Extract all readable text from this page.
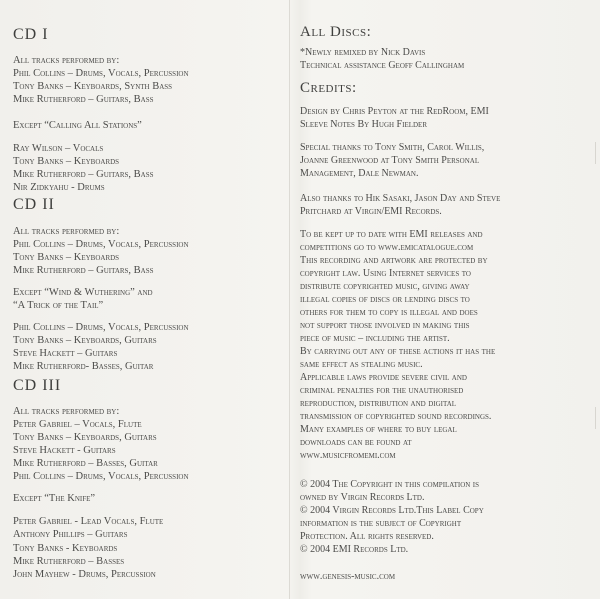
CD I
All tracks performed by:
Phil Collins – Drums, Vocals, Percussion
Tony Banks – Keyboards, Synth Bass
Mike Rutherford – Guitars, Bass
Except “Calling All Stations”
Ray Wilson – Vocals
Tony Banks – Keyboards
Mike Rutherford – Guitars, Bass
Nir Zidkyahu - Drums
CD II
All tracks performed by:
Phil Collins – Drums, Vocals, Percussion
Tony Banks – Keyboards
Mike Rutherford – Guitars, Bass
Except “Wind & Wuthering” and
“A Trick of the Tail”
Phil Collins – Drums, Vocals, Percussion
Tony Banks – Keyboards, Guitars
Steve Hackett – Guitars
Mike Rutherford- Basses, Guitar
CD III
All tracks performed by:
Peter Gabriel – Vocals, Flute
Tony Banks – Keyboards, Guitars
Steve Hackett - Guitars
Mike Rutherford – Basses, Guitar
Phil Collins – Drums, Vocals, Percussion
Except “The Knife”
Peter Gabriel - Lead Vocals, Flute
Anthony Phillips – Guitars
Tony Banks - Keyboards
Mike Rutherford – Basses
John Mayhew - Drums, Percussion
All Discs:
*Newly remixed by Nick Davis
Technical assistance Geoff Callingham
Credits:
Design by Chris Peyton at the RedRoom, EMI
Sleeve Notes By Hugh Fielder
Special thanks to Tony Smith, Carol Willis,
Joanne Greenwood at Tony Smith Personal
Management, Dale Newman.
Also thanks to Hik Sasaki, Jason Day and Steve
Pritchard at Virgin/EMI Records.
To be kept up to date with EMI releases and
competitions go to www.emicatalogue.com
This recording and artwork are protected by
copyright law. Using Internet services to
distribute copyrighted music, giving away
illegal copies of discs or lending discs to
others for them to copy is illegal and does
not support those involved in making this
piece of music – including the artist.
By carrying out any of these actions it has the
same effect as stealing music.
Applicable laws provide severe civil and
criminal penalties for the unauthorised
reproduction, distribution and digital
transmission of copyrighted sound recordings.
Many examples of where to buy legal
downloads can be found at
www.musicfromemi.com
© 2004 The Copyright in this compilation is
owned by Virgin Records Ltd.
© 2004 Virgin Records Ltd.This Label Copy
information is the subject of Copyright
Protection. All rights reserved.
© 2004 EMI Records Ltd.
www.genesis-music.com
